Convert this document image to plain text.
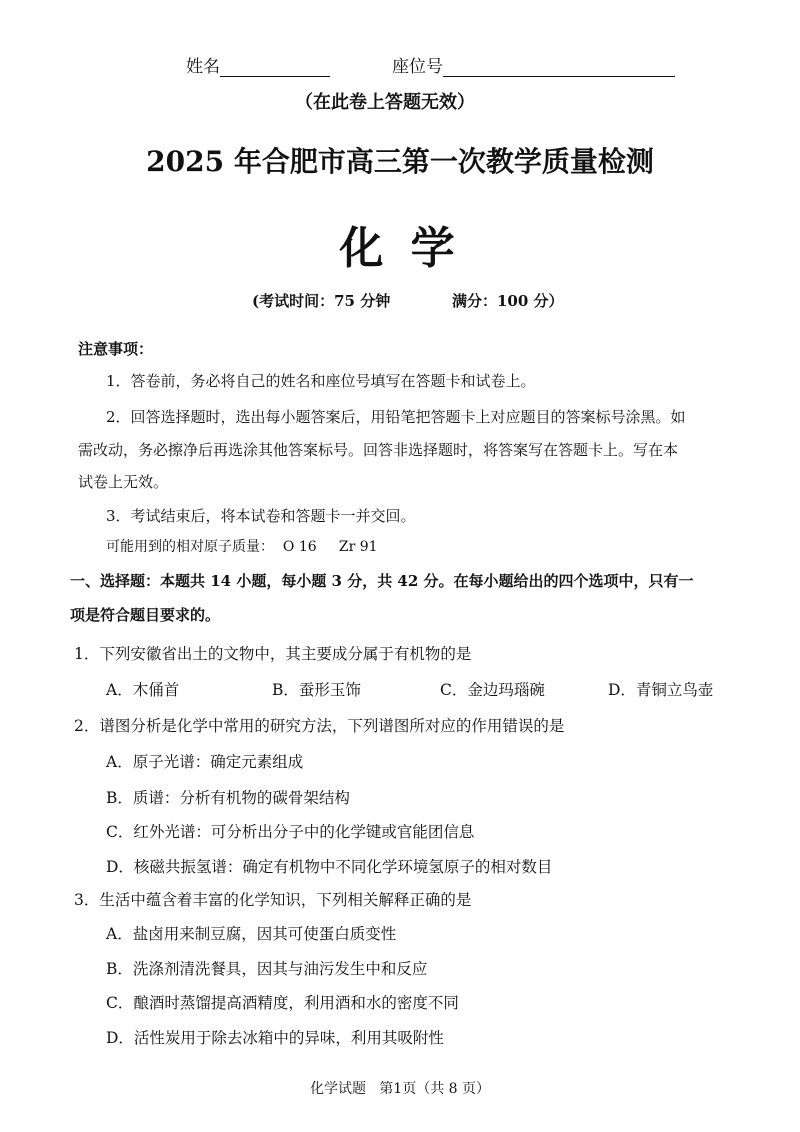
姓名	座位号
（在此卷上答题无效）
2025 年合肥市高三第一次教学质量检测
化 学
(考试时间：75 分钟	满分：100 分）
注意事项：
1．答卷前，务必将自己的姓名和座位号填写在答题卡和试卷上。
2．回答选择题时，选出每小题答案后，用铅笔把答题卡上对应题目的答案标号涂黑。如
需改动，务必擦净后再选涂其他答案标号。回答非选择题时，将答案写在答题卡上。写在本
试卷上无效。
3．考试结束后，将本试卷和答题卡一并交回。
可能用到的相对原子质量：  O 16     Zr 91
一、选择题：本题共 14 小题，每小题 3 分，共 42 分。在每小题给出的四个选项中，只有一
项是符合题目要求的。
1．下列安徽省出土的文物中，其主要成分属于有机物的是
A．木俑首	B．蚕形玉饰	C．金边玛瑙碗	D．青铜立鸟壶
2．谱图分析是化学中常用的研究方法，下列谱图所对应的作用错误的是
A．原子光谱：确定元素组成
B．质谱：分析有机物的碳骨架结构
C．红外光谱：可分析出分子中的化学键或官能团信息
D．核磁共振氢谱：确定有机物中不同化学环境氢原子的相对数目
3．生活中蕴含着丰富的化学知识，下列相关解释正确的是
A．盐卤用来制豆腐，因其可使蛋白质变性
B．洗涤剂清洗餐具，因其与油污发生中和反应
C．酿酒时蒸馏提高酒精度，利用酒和水的密度不同
D．活性炭用于除去冰箱中的异味，利用其吸附性
化学试题   第1页（共 8 页）
